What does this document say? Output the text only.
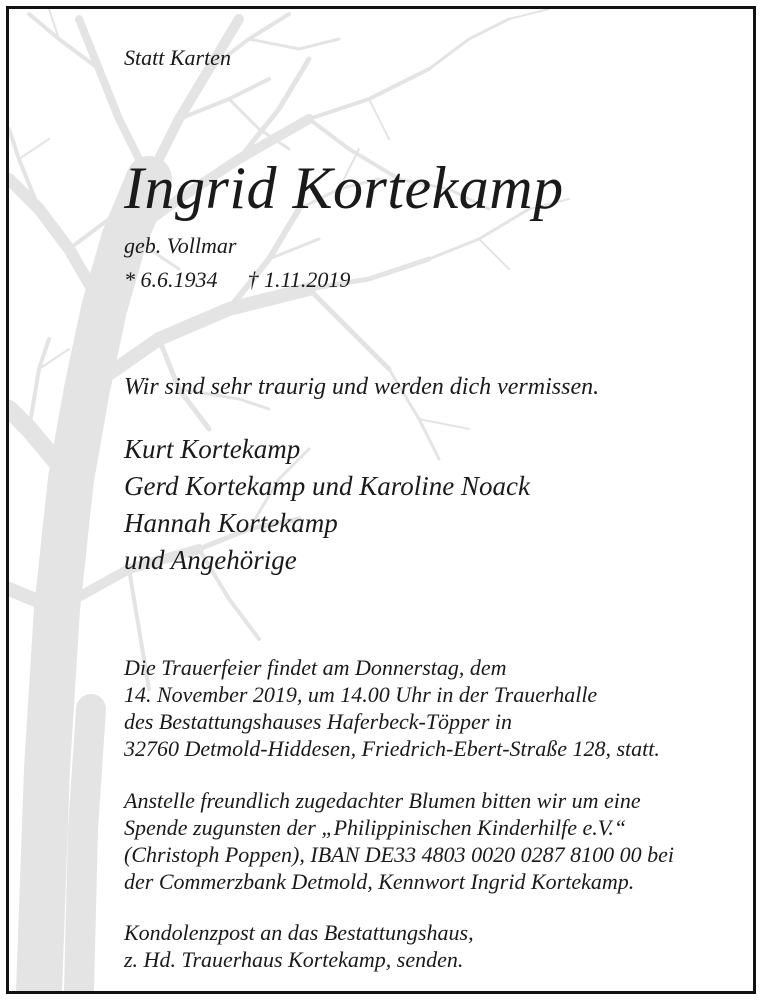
Statt Karten
Ingrid Kortekamp
geb. Vollmar
* 6.6.1934 † 1.11.2019
Wir sind sehr traurig und werden dich vermissen.
Kurt Kortekamp
Gerd Kortekamp und Karoline Noack
Hannah Kortekamp
und Angehörige
Die Trauerfeier findet am Donnerstag, dem
14. November 2019, um 14.00 Uhr in der Trauerhalle
des Bestattungshauses Haferbeck-Töpper in
32760 Detmold-Hiddesen, Friedrich-Ebert-Straße 128, statt.
Anstelle freundlich zugedachter Blumen bitten wir um eine
Spende zugunsten der „Philippinischen Kinderhilfe e.V.“
(Christoph Poppen), IBAN DE33 4803 0020 0287 8100 00 bei
der Commerzbank Detmold, Kennwort Ingrid Kortekamp.
Kondolenzpost an das Bestattungshaus,
z. Hd. Trauerhaus Kortekamp, senden.
